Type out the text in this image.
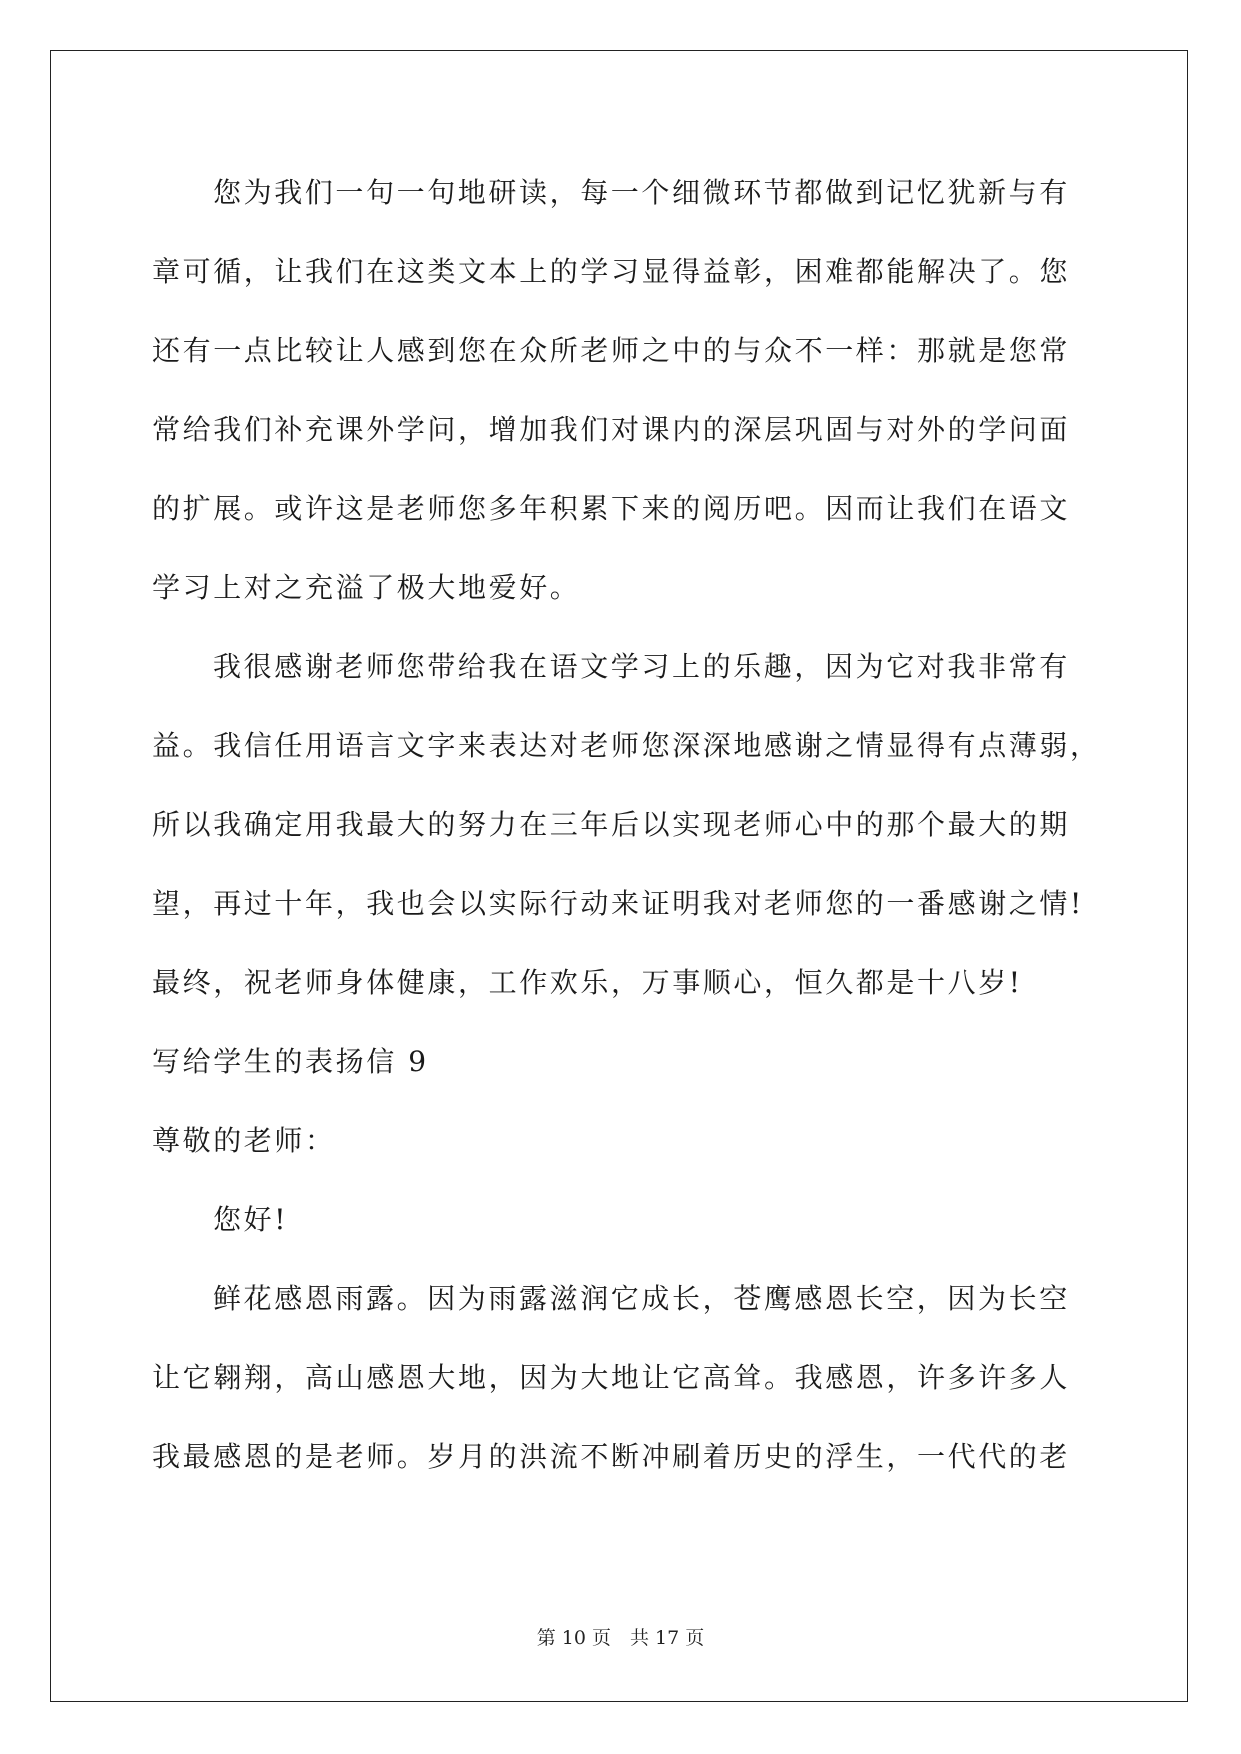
您为我们一句一句地研读，每一个细微环节都做到记忆犹新与有
章可循，让我们在这类文本上的学习显得益彰，困难都能解决了。您
还有一点比较让人感到您在众所老师之中的与众不一样：那就是您常
常给我们补充课外学问，增加我们对课内的深层巩固与对外的学问面
的扩展。或许这是老师您多年积累下来的阅历吧。因而让我们在语文
学习上对之充溢了极大地爱好。
我很感谢老师您带给我在语文学习上的乐趣，因为它对我非常有
益。我信任用语言文字来表达对老师您深深地感谢之情显得有点薄弱，
所以我确定用我最大的努力在三年后以实现老师心中的那个最大的期
望，再过十年，我也会以实际行动来证明我对老师您的一番感谢之情!
最终，祝老师身体健康，工作欢乐，万事顺心，恒久都是十八岁!
写给学生的表扬信 9
尊敬的老师：
您好!
鲜花感恩雨露。因为雨露滋润它成长，苍鹰感恩长空，因为长空
让它翱翔，高山感恩大地，因为大地让它高耸。我感恩，许多许多人
我最感恩的是老师。岁月的洪流不断冲刷着历史的浮生，一代代的老
第 10 页　共 17 页
